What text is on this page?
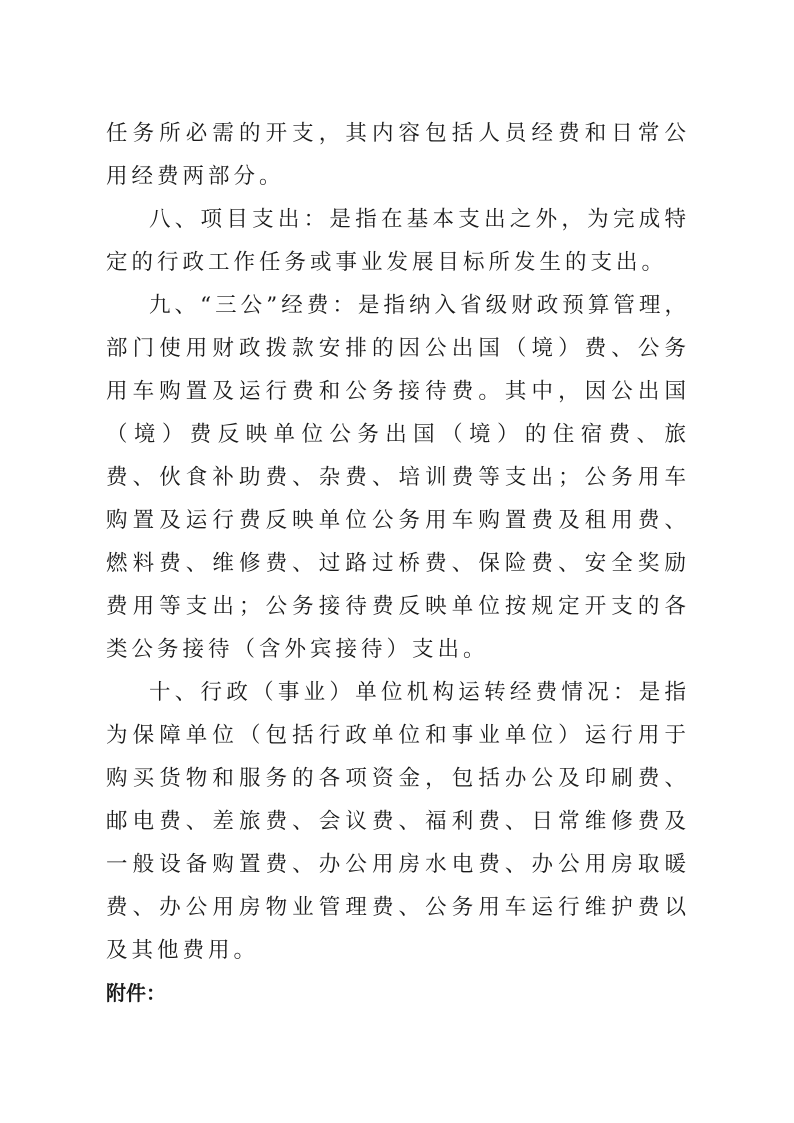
任务所必需的开支，其内容包括人员经费和日常公用经费两部分。

八、项目支出：是指在基本支出之外，为完成特定的行政工作任务或事业发展目标所发生的支出。

九、“三公”经费：是指纳入省级财政预算管理，部门使用财政拨款安排的因公出国（境）费、公务用车购置及运行费和公务接待费。其中，因公出国（境）费反映单位公务出国（境）的住宿费、旅费、伙食补助费、杂费、培训费等支出；公务用车购置及运行费反映单位公务用车购置费及租用费、燃料费、维修费、过路过桥费、保险费、安全奖励费用等支出；公务接待费反映单位按规定开支的各类公务接待（含外宾接待）支出。

十、行政（事业）单位机构运转经费情况：是指为保障单位（包括行政单位和事业单位）运行用于购买货物和服务的各项资金，包括办公及印刷费、邮电费、差旅费、会议费、福利费、日常维修费及一般设备购置费、办公用房水电费、办公用房取暖费、办公用房物业管理费、公务用车运行维护费以及其他费用。

附件：
